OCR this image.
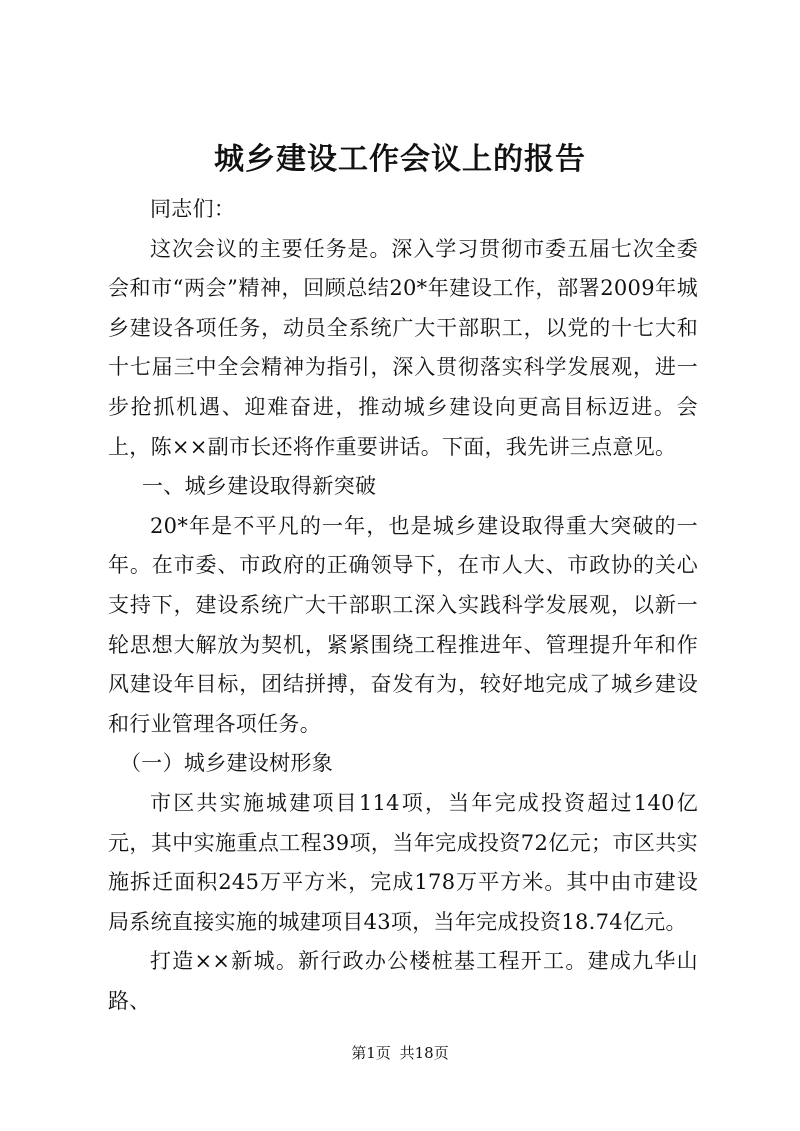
城乡建设工作会议上的报告

同志们：

这次会议的主要任务是。深入学习贯彻市委五届七次全委会和市“两会”精神，回顾总结20*年建设工作，部署2009年城乡建设各项任务，动员全系统广大干部职工，以党的十七大和十七届三中全会精神为指引，深入贯彻落实科学发展观，进一步抢抓机遇、迎难奋进，推动城乡建设向更高目标迈进。会上，陈××副市长还将作重要讲话。下面，我先讲三点意见。

一、城乡建设取得新突破

20*年是不平凡的一年，也是城乡建设取得重大突破的一年。在市委、市政府的正确领导下，在市人大、市政协的关心支持下，建设系统广大干部职工深入实践科学发展观，以新一轮思想大解放为契机，紧紧围绕工程推进年、管理提升年和作风建设年目标，团结拼搏，奋发有为，较好地完成了城乡建设和行业管理各项任务。

（一）城乡建设树形象

市区共实施城建项目114项，当年完成投资超过140亿元，其中实施重点工程39项，当年完成投资72亿元；市区共实施拆迁面积245万平方米，完成178万平方米。其中由市建设局系统直接实施的城建项目43项，当年完成投资18.74亿元。

打造××新城。新行政办公楼桩基工程开工。建成九华山路、

第1页 共18页
